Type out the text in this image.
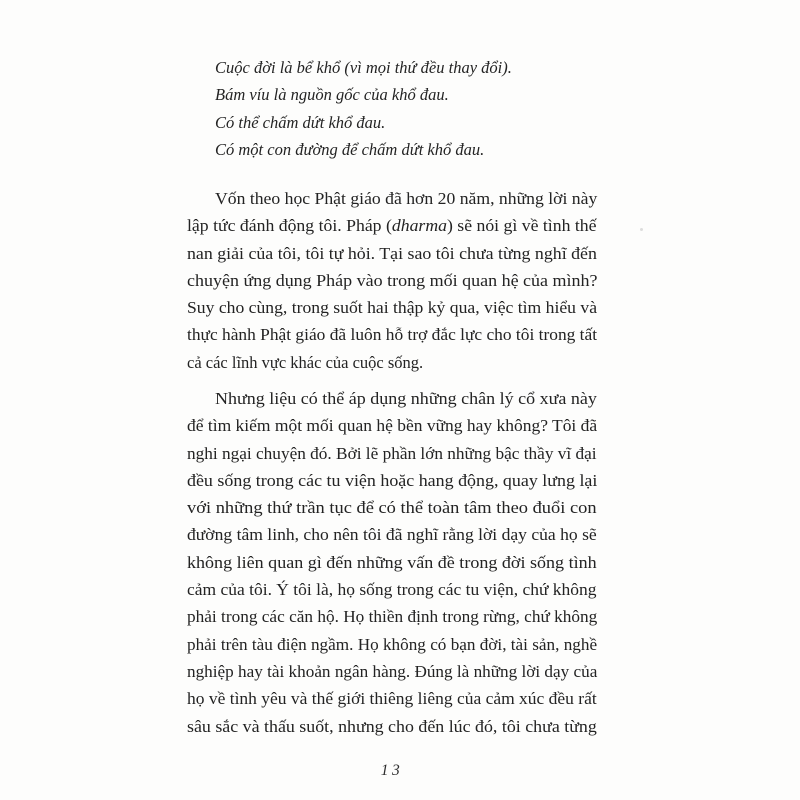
Cuộc đời là bể khổ (vì mọi thứ đều thay đổi).
Bám víu là nguồn gốc của khổ đau.
Có thể chấm dứt khổ đau.
Có một con đường để chấm dứt khổ đau.
Vốn theo học Phật giáo đã hơn 20 năm, những lời này
lập tức đánh động tôi. Pháp (dharma) sẽ nói gì về tình thế
nan giải của tôi, tôi tự hỏi. Tại sao tôi chưa từng nghĩ đến
chuyện ứng dụng Pháp vào trong mối quan hệ của mình?
Suy cho cùng, trong suốt hai thập kỷ qua, việc tìm hiểu và
thực hành Phật giáo đã luôn hỗ trợ đắc lực cho tôi trong tất
cả các lĩnh vực khác của cuộc sống.
Nhưng liệu có thể áp dụng những chân lý cổ xưa này
để tìm kiếm một mối quan hệ bền vững hay không? Tôi đã
nghi ngại chuyện đó. Bởi lẽ phần lớn những bậc thầy vĩ đại
đều sống trong các tu viện hoặc hang động, quay lưng lại
với những thứ trần tục để có thể toàn tâm theo đuổi con
đường tâm linh, cho nên tôi đã nghĩ rằng lời dạy của họ sẽ
không liên quan gì đến những vấn đề trong đời sống tình
cảm của tôi. Ý tôi là, họ sống trong các tu viện, chứ không
phải trong các căn hộ. Họ thiền định trong rừng, chứ không
phải trên tàu điện ngầm. Họ không có bạn đời, tài sản, nghề
nghiệp hay tài khoản ngân hàng. Đúng là những lời dạy của
họ về tình yêu và thế giới thiêng liêng của cảm xúc đều rất
sâu sắc và thấu suốt, nhưng cho đến lúc đó, tôi chưa từng
13
